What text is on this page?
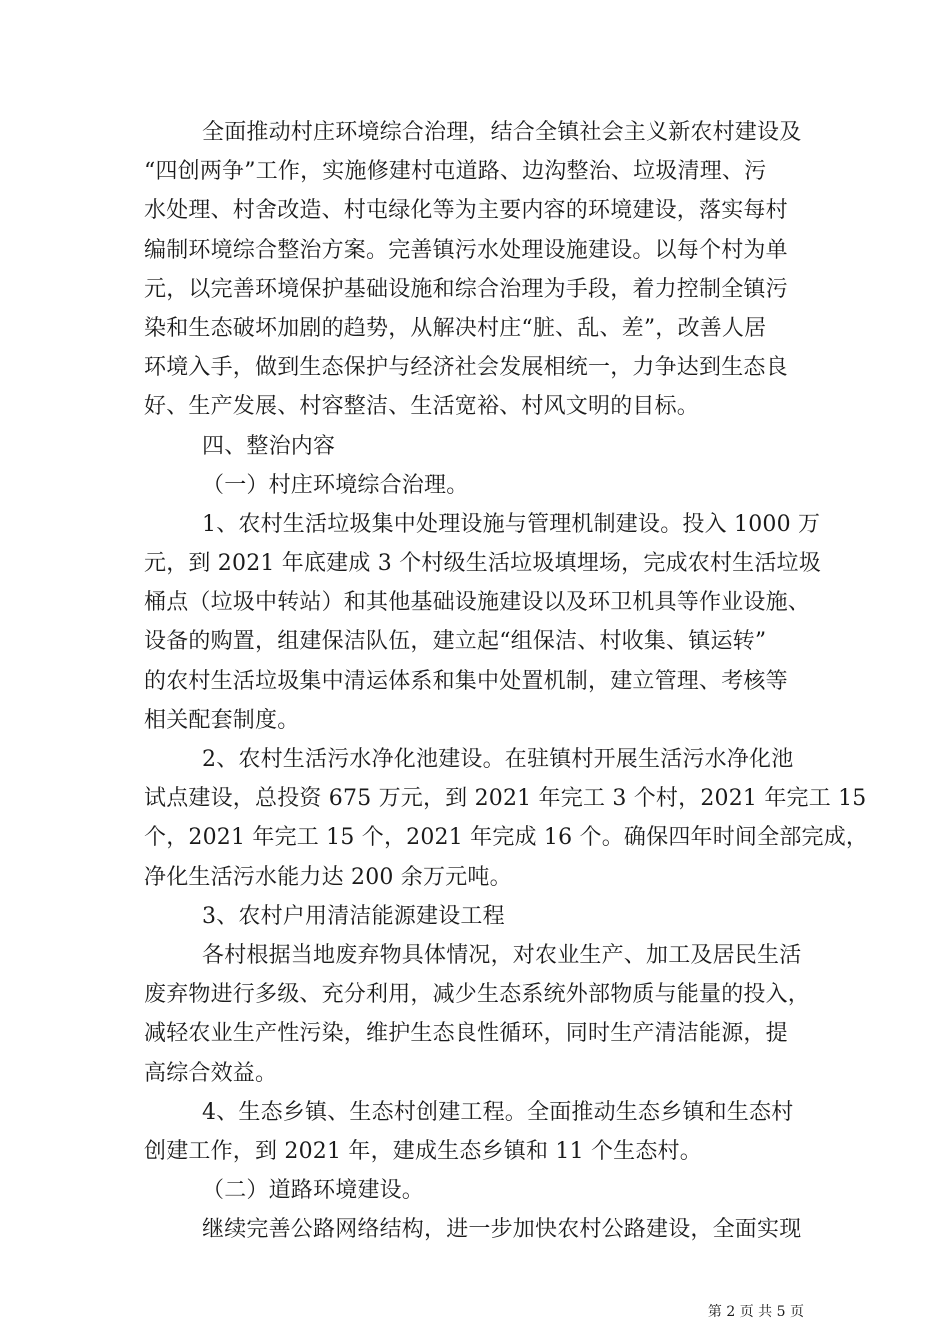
全面推动村庄环境综合治理，结合全镇社会主义新农村建设及
“四创两争”工作，实施修建村屯道路、边沟整治、垃圾清理、污
水处理、村舍改造、村屯绿化等为主要内容的环境建设，落实每村
编制环境综合整治方案。完善镇污水处理设施建设。以每个村为单
元，以完善环境保护基础设施和综合治理为手段，着力控制全镇污
染和生态破坏加剧的趋势，从解决村庄“脏、乱、差”，改善人居
环境入手，做到生态保护与经济社会发展相统一，力争达到生态良
好、生产发展、村容整洁、生活宽裕、村风文明的目标。
四、整治内容
（一）村庄环境综合治理。
1、农村生活垃圾集中处理设施与管理机制建设。投入 1000 万
元，到 2021 年底建成 3 个村级生活垃圾填埋场，完成农村生活垃圾
桶点（垃圾中转站）和其他基础设施建设以及环卫机具等作业设施、
设备的购置，组建保洁队伍，建立起“组保洁、村收集、镇运转”
的农村生活垃圾集中清运体系和集中处置机制，建立管理、考核等
相关配套制度。
2、农村生活污水净化池建设。在驻镇村开展生活污水净化池
试点建设，总投资 675 万元，到 2021 年完工 3 个村，2021 年完工 15
个，2021 年完工 15 个，2021 年完成 16 个。确保四年时间全部完成，
净化生活污水能力达 200 余万元吨。
3、农村户用清洁能源建设工程
各村根据当地废弃物具体情况，对农业生产、加工及居民生活
废弃物进行多级、充分利用，减少生态系统外部物质与能量的投入，
减轻农业生产性污染，维护生态良性循环，同时生产清洁能源，提
高综合效益。
4、生态乡镇、生态村创建工程。全面推动生态乡镇和生态村
创建工作，到 2021 年，建成生态乡镇和 11 个生态村。
（二）道路环境建设。
继续完善公路网络结构，进一步加快农村公路建设，全面实现
第 2 页 共 5 页
